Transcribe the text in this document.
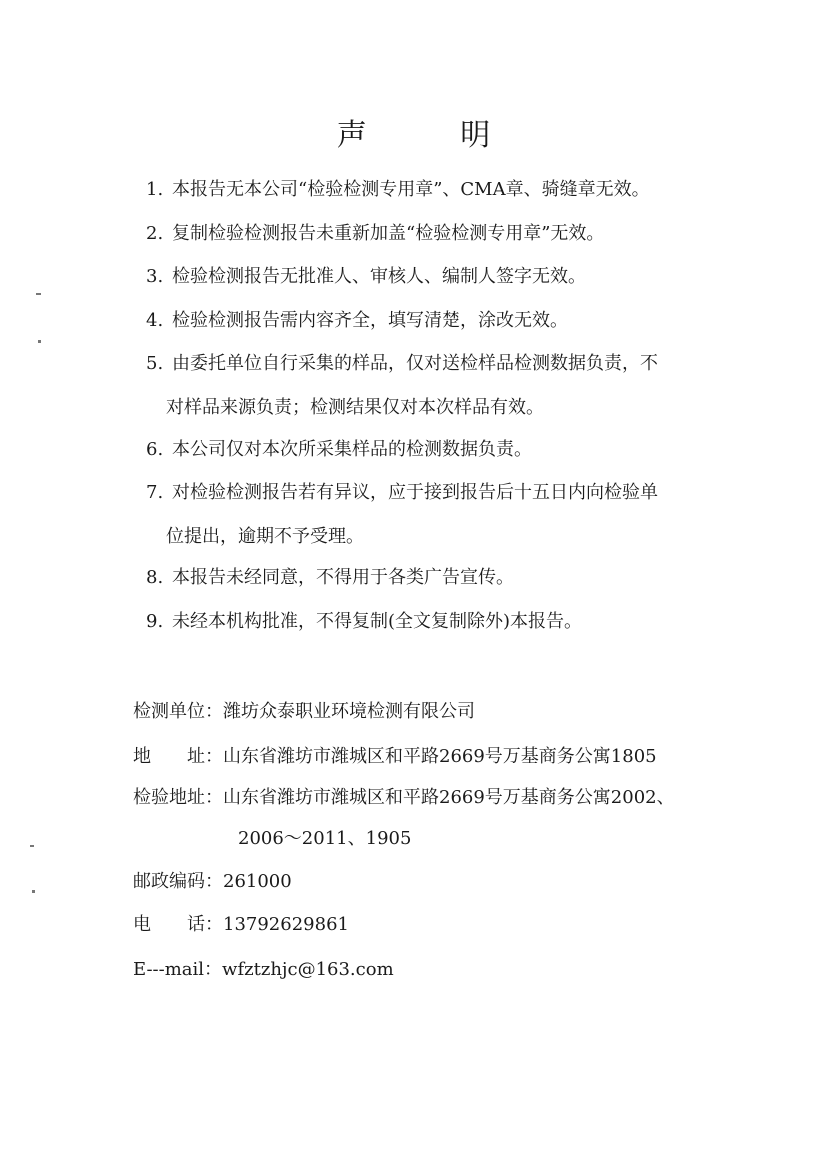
声 明
1. 本报告无本公司“检验检测专用章”、CMA章、骑缝章无效。
2. 复制检验检测报告未重新加盖“检验检测专用章”无效。
3. 检验检测报告无批准人、审核人、编制人签字无效。
4. 检验检测报告需内容齐全，填写清楚，涂改无效。
5. 由委托单位自行采集的样品，仅对送检样品检测数据负责，不
对样品来源负责；检测结果仅对本次样品有效。
6. 本公司仅对本次所采集样品的检测数据负责。
7. 对检验检测报告若有异议，应于接到报告后十五日内向检验单
位提出，逾期不予受理。
8. 本报告未经同意，不得用于各类广告宣传。
9. 未经本机构批准，不得复制(全文复制除外)本报告。
检测单位：潍坊众泰职业环境检测有限公司
地　　址：山东省潍坊市潍城区和平路2669号万基商务公寓1805
检验地址：山东省潍坊市潍城区和平路2669号万基商务公寓2002、
2006～2011、1905
邮政编码：261000
电　　话：13792629861
E---mail：wfztzhjc@163.com
